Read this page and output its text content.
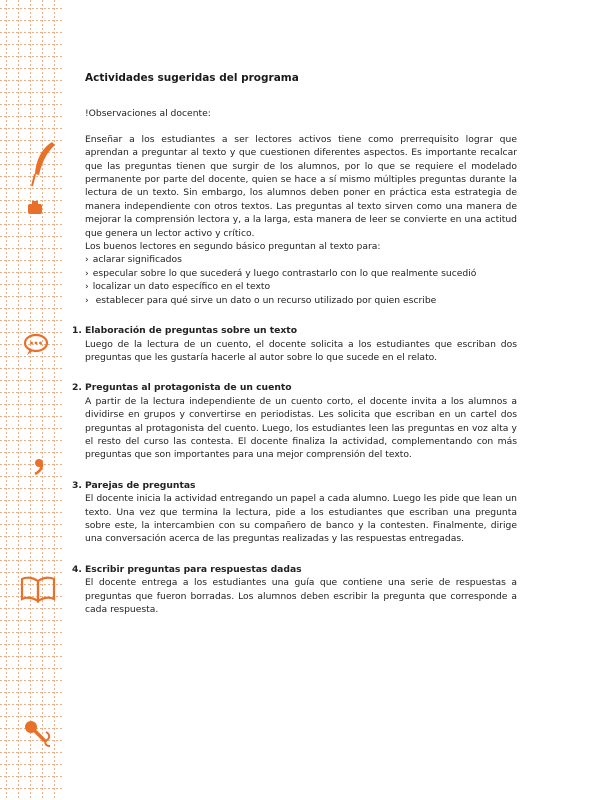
Actividades sugeridas del programa

!Observaciones al docente:

Enseñar a los estudiantes a ser lectores activos tiene como prerrequisito lograr que aprendan a preguntar al texto y que cuestionen diferentes aspectos. Es importante recalcar que las preguntas tienen que surgir de los alumnos, por lo que se requiere el modelado permanente por parte del docente, quien se hace a sí mismo múltiples preguntas durante la lectura de un texto. Sin embargo, los alumnos deben poner en práctica esta estrategia de manera independiente con otros textos. Las preguntas al texto sirven como una manera de mejorar la comprensión lectora y, a la larga, esta manera de leer se convierte en una actitud que genera un lector activo y crítico.

Los buenos lectores en segundo básico preguntan al texto para:

› aclarar significados
› especular sobre lo que sucederá y luego contrastarlo con lo que realmente sucedió
› localizar un dato específico en el texto
› establecer para qué sirve un dato o un recurso utilizado por quien escribe
1. Elaboración de preguntas sobre un texto

Luego de la lectura de un cuento, el docente solicita a los estudiantes que escriban dos preguntas que les gustaría hacerle al autor sobre lo que sucede en el relato.

2. Preguntas al protagonista de un cuento

A partir de la lectura independiente de un cuento corto, el docente invita a los alumnos a dividirse en grupos y convertirse en periodistas. Les solicita que escriban en un cartel dos preguntas al protagonista del cuento. Luego, los estudiantes leen las preguntas en voz alta y el resto del curso las contesta. El docente finaliza la actividad, complementando con más preguntas que son importantes para una mejor comprensión del texto.

3. Parejas de preguntas

El docente inicia la actividad entregando un papel a cada alumno. Luego les pide que lean un texto. Una vez que termina la lectura, pide a los estudiantes que escriban una pregunta sobre este, la intercambien con su compañero de banco y la contesten. Finalmente, dirige una conversación acerca de las preguntas realizadas y las respuestas entregadas.

4. Escribir preguntas para respuestas dadas

El docente entrega a los estudiantes una guía que contiene una serie de respuestas a preguntas que fueron borradas. Los alumnos deben escribir la pregunta que corresponde a cada respuesta.
